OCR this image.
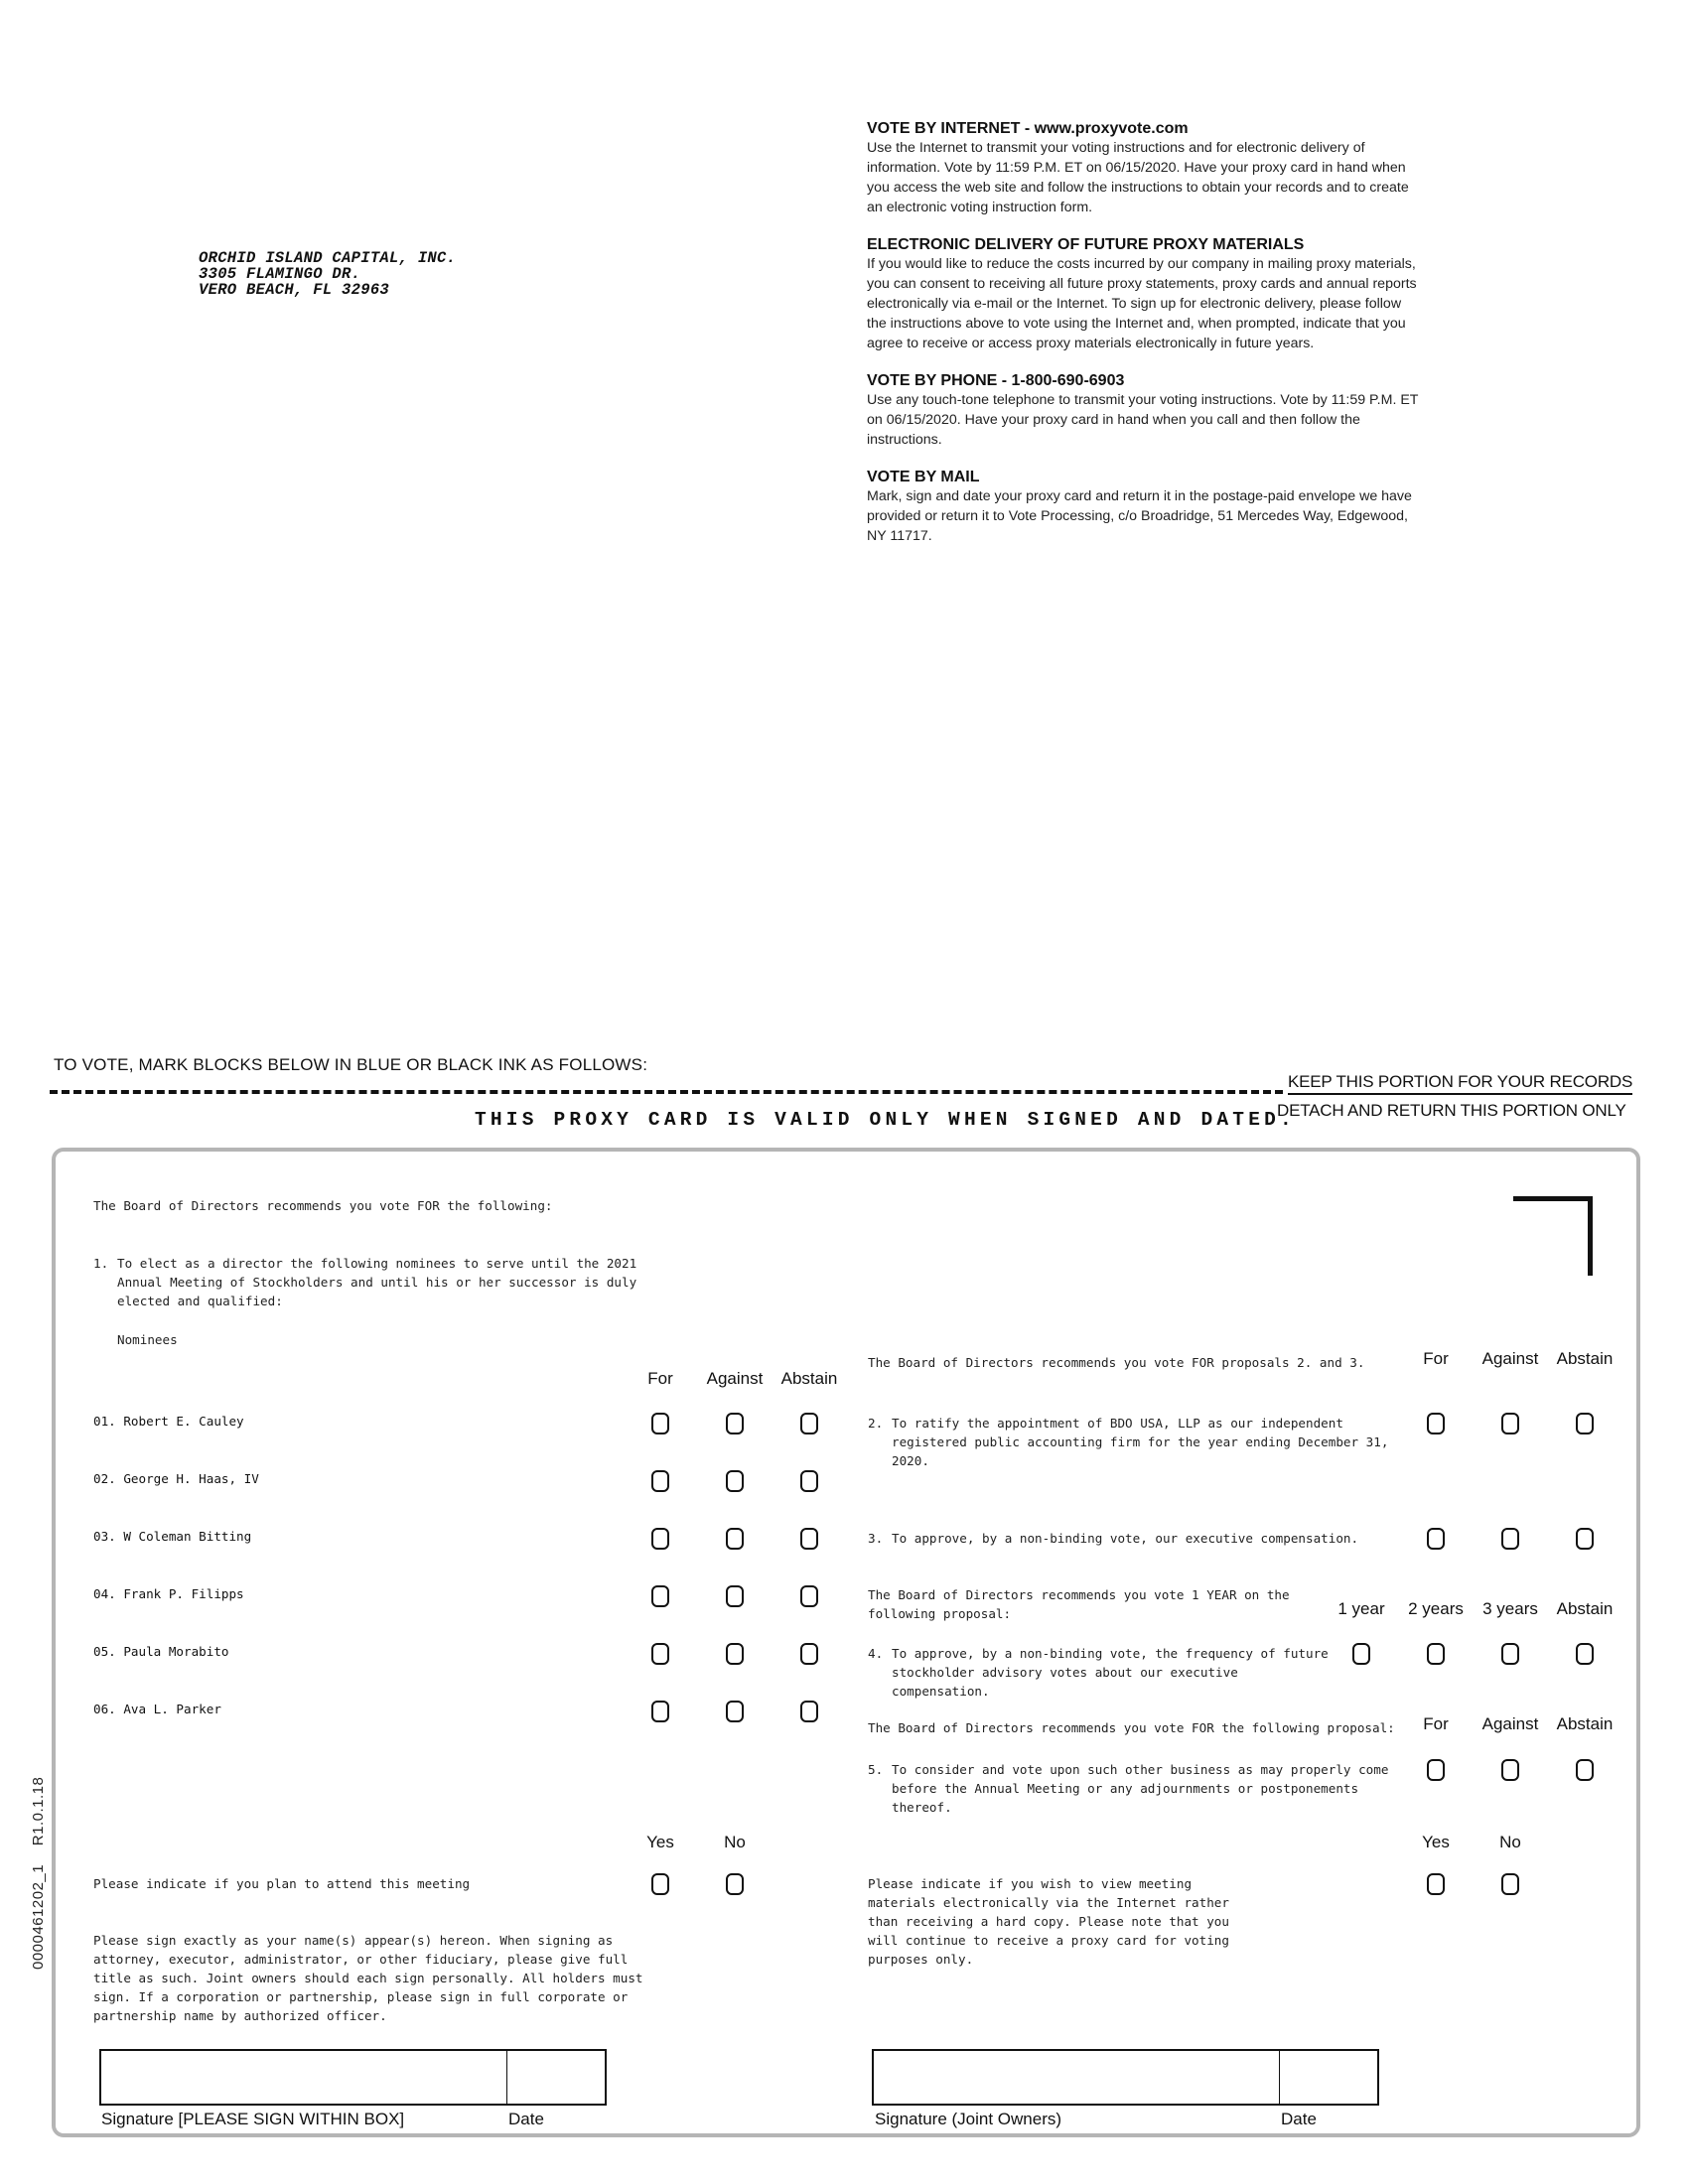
ORCHID ISLAND CAPITAL, INC.
3305 FLAMINGO DR.
VERO BEACH, FL 32963
VOTE BY INTERNET - www.proxyvote.com
Use the Internet to transmit your voting instructions and for electronic delivery of
information. Vote by 11:59 P.M. ET on 06/15/2020. Have your proxy card in hand when
you access the web site and follow the instructions to obtain your records and to create
an electronic voting instruction form.
ELECTRONIC DELIVERY OF FUTURE PROXY MATERIALS
If you would like to reduce the costs incurred by our company in mailing proxy materials,
you can consent to receiving all future proxy statements, proxy cards and annual reports
electronically via e-mail or the Internet. To sign up for electronic delivery, please follow
the instructions above to vote using the Internet and, when prompted, indicate that you
agree to receive or access proxy materials electronically in future years.
VOTE BY PHONE - 1-800-690-6903
Use any touch-tone telephone to transmit your voting instructions. Vote by 11:59 P.M. ET
on 06/15/2020. Have your proxy card in hand when you call and then follow the
instructions.
VOTE BY MAIL
Mark, sign and date your proxy card and return it in the postage-paid envelope we have
provided or return it to Vote Processing, c/o Broadridge, 51 Mercedes Way, Edgewood,
NY 11717.
TO VOTE, MARK BLOCKS BELOW IN BLUE OR BLACK INK AS FOLLOWS:
KEEP THIS PORTION FOR YOUR RECORDS
DETACH AND RETURN THIS PORTION ONLY
THIS PROXY CARD IS VALID ONLY WHEN SIGNED AND DATED.
The Board of Directors recommends you vote FOR the following:
1. To elect as a director the following nominees to serve until the 2021
Annual Meeting of Stockholders and until his or her successor is duly
elected and qualified:
Nominees
For	Against	Abstain
01. Robert E. Cauley
02. George H. Haas, IV
03. W Coleman Bitting
04. Frank P. Filipps
05. Paula Morabito
06. Ava L. Parker
Yes	No
Please indicate if you plan to attend this meeting
Please sign exactly as your name(s) appear(s) hereon. When signing as
attorney, executor, administrator, or other fiduciary, please give full
title as such. Joint owners should each sign personally. All holders must
sign. If a corporation or partnership, please sign in full corporate or
partnership name by authorized officer.
Signature [PLEASE SIGN WITHIN BOX]	Date
The Board of Directors recommends you vote FOR proposals 2. and 3.	For	Against	Abstain
2. To ratify the appointment of BDO USA, LLP as our independent
registered public accounting firm for the year ending December 31,
2020.
3. To approve, by a non-binding vote, our executive compensation.
The Board of Directors recommends you vote 1 YEAR on the
following proposal:	1 year	2 years	3 years	Abstain
4. To approve, by a non-binding vote, the frequency of future
stockholder advisory votes about our executive
compensation.
The Board of Directors recommends you vote FOR the following proposal:	For	Against	Abstain
5. To consider and vote upon such other business as may properly come
before the Annual Meeting or any adjournments or postponements
thereof.
Yes	No
Please indicate if you wish to view meeting
materials electronically via the Internet rather
than receiving a hard copy. Please note that you
will continue to receive a proxy card for voting
purposes only.
Signature (Joint Owners)	Date
0000461202_1    R1.0.1.18
